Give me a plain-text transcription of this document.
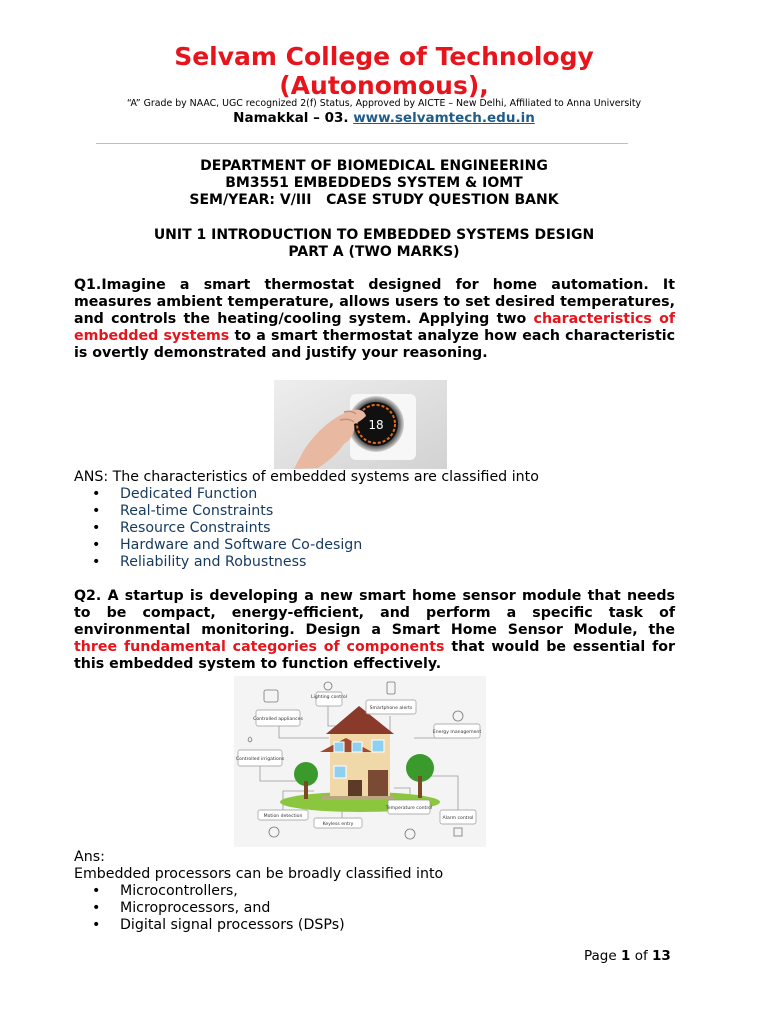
Selvam College of Technology
(Autonomous),
“A” Grade by NAAC, UGC recognized 2(f) Status, Approved by AICTE – New Delhi, Affiliated to Anna University
Namakkal – 03. www.selvamtech.edu.in
DEPARTMENT OF BIOMEDICAL ENGINEERING
BM3551 EMBEDDEDS SYSTEM & IOMT
SEM/YEAR: V/III   CASE STUDY QUESTION BANK
UNIT 1 INTRODUCTION TO EMBEDDED SYSTEMS DESIGN
PART A (TWO MARKS)
Q1.Imagine a smart thermostat designed for home automation. It measures ambient temperature, allows users to set desired temperatures, and controls the heating/cooling system. Applying two characteristics of embedded systems to a smart thermostat analyze how each characteristic is overtly demonstrated and justify your reasoning.
18
ANS: The characteristics of embedded systems are classified into
• Dedicated Function
• Real-time Constraints
• Resource Constraints
• Hardware and Software Co-design
• Reliability and Robustness
Q2. A startup is developing a new smart home sensor module that needs to be compact, energy-efficient, and perform a specific task of environmental monitoring. Design a Smart Home Sensor Module, the three fundamental categories of components that would be essential for this embedded system to function effectively.
Lighting control
Smartphone alerts
Controlled appliances
Energy management
Controlled irrigations
Motion detection
Keyless entry
Temperature control
Alarm control
Ans:
Embedded processors can be broadly classified into
• Microcontrollers,
• Microprocessors, and
• Digital signal processors (DSPs)
Page 1 of 13
